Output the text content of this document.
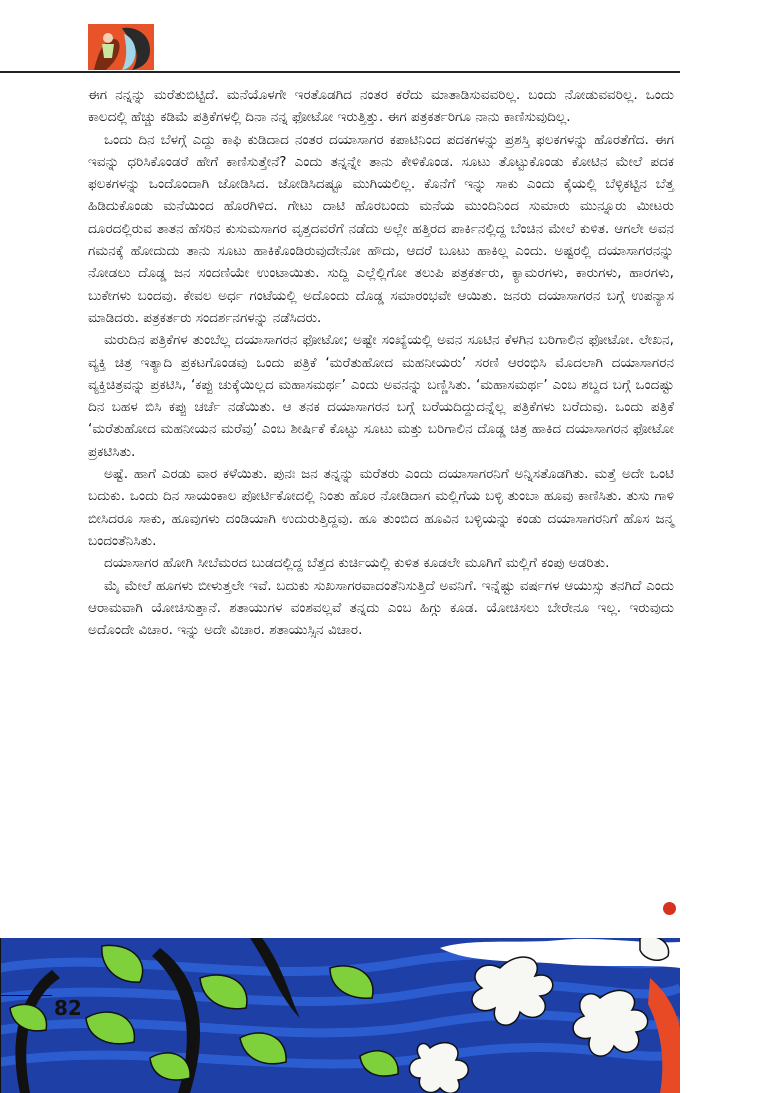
ಈಗ ನನ್ನನ್ನು ಮರೆತುಬಿಟ್ಟಿದೆ. ಮನೆಯೊಳಗೇ ಇರತೊಡಗಿದ ನಂತರ ಕರೆದು ಮಾತಾಡಿಸುವವರಿಲ್ಲ. ಬಂದು ನೋಡುವವರಿಲ್ಲ. ಒಂದು ಕಾಲದಲ್ಲಿ ಹೆಚ್ಚು ಕಡಿಮೆ ಪತ್ರಿಕೆಗಳಲ್ಲಿ ದಿನಾ ನನ್ನ ಫೋಟೋ ಇರುತ್ತಿತ್ತು. ಈಗ ಪತ್ರಕರ್ತರಿಗೂ ನಾನು ಕಾಣಿಸುವುದಿಲ್ಲ.

ಒಂದು ದಿನ ಬೆಳಗ್ಗೆ ಎದ್ದು ಕಾಫಿ ಕುಡಿದಾದ ನಂತರ ದಯಾಸಾಗರ ಕಪಾಟಿನಿಂದ ಪದಕಗಳನ್ನು ಪ್ರಶಸ್ತಿ ಫಲಕಗಳನ್ನು ಹೊರತೆಗೆದ. ಈಗ ಇವನ್ನು ಧರಿಸಿಕೊಂಡರೆ ಹೇಗೆ ಕಾಣಿಸುತ್ತೇನೆ? ಎಂದು ತನ್ನನ್ನೇ ತಾನು ಕೇಳಿಕೊಂಡ. ಸೂಟು ತೊಟ್ಟುಕೊಂಡು ಕೋಟಿನ ಮೇಲೆ ಪದಕ ಫಲಕಗಳನ್ನು ಒಂದೊಂದಾಗಿ ಜೋಡಿಸಿದ. ಜೋಡಿಸಿದಷ್ಟೂ ಮುಗಿಯಲಿಲ್ಲ. ಕೊನೆಗೆ ಇನ್ನು ಸಾಕು ಎಂದು ಕೈಯಲ್ಲಿ ಬೆಳ್ಳಿಕಟ್ಟಿನ ಬೆತ್ತ ಹಿಡಿದುಕೊಂಡು ಮನೆಯಿಂದ ಹೊರಗಿಳಿದ. ಗೇಟು ದಾಟಿ ಹೊರಬಂದು ಮನೆಯ ಮುಂದಿನಿಂದ ಸುಮಾರು ಮುನ್ನೂರು ಮೀಟರು ದೂರದಲ್ಲಿರುವ ತಾತನ ಹೆಸರಿನ ಕುಸುಮಸಾಗರ ವೃತ್ತದವರೆಗೆ ನಡೆದು ಅಲ್ಲೇ ಹತ್ತಿರದ ಪಾರ್ಕಿನಲ್ಲಿದ್ದ ಬೆಂಚಿನ ಮೇಲೆ ಕುಳಿತ. ಆಗಲೇ ಅವನ ಗಮನಕ್ಕೆ ಹೋದುದು ತಾನು ಸೂಟು ಹಾಕಿಕೊಂಡಿರುವುದೇನೋ ಹೌದು, ಆದರೆ ಬೂಟು ಹಾಕಿಲ್ಲ ಎಂದು. ಅಷ್ಟರಲ್ಲಿ ದಯಾಸಾಗರನನ್ನು ನೋಡಲು ದೊಡ್ಡ ಜನ ಸಂದಣಿಯೇ ಉಂಟಾಯಿತು. ಸುದ್ದಿ ಎಲ್ಲೆಲ್ಲಿಗೋ ತಲುಪಿ ಪತ್ರಕರ್ತರು, ಕ್ಯಾಮರಗಳು, ಕಾರುಗಳು, ಹಾರಗಳು, ಬುಕೇಗಳು ಬಂದವು. ಕೇವಲ ಅರ್ಧ ಗಂಟೆಯಲ್ಲಿ ಅದೊಂದು ದೊಡ್ಡ ಸಮಾರಂಭವೇ ಆಯಿತು. ಜನರು ದಯಾಸಾಗರನ ಬಗ್ಗೆ ಉಪನ್ಯಾಸ ಮಾಡಿದರು. ಪತ್ರಕರ್ತರು ಸಂದರ್ಶನಗಳನ್ನು ನಡೆಸಿದರು.

ಮರುದಿನ ಪತ್ರಿಕೆಗಳ ತುಂಬೆಲ್ಲ ದಯಾಸಾಗರನ ಫೋಟೋ; ಅಷ್ಟೇ ಸಂಖ್ಯೆಯಲ್ಲಿ ಅವನ ಸೂಟಿನ ಕೆಳಗಿನ ಬರಿಗಾಲಿನ ಫೋಟೋ. ಲೇಖನ, ವ್ಯಕ್ತಿ ಚಿತ್ರ ಇತ್ಯಾದಿ ಪ್ರಕಟಗೊಂಡವು ಒಂದು ಪತ್ರಿಕೆ ‘ಮರೆತುಹೋದ ಮಹನೀಯರು’ ಸರಣಿ ಆರಂಭಿಸಿ ಮೊದಲಾಗಿ ದಯಾಸಾಗರನ ವ್ಯಕ್ತಿಚಿತ್ರವನ್ನು ಪ್ರಕಟಿಸಿ, ‘ಕಪ್ಪು ಚುಕ್ಕೆಯಿಲ್ಲದ ಮಹಾಸಮರ್ಥ’ ಎಂದು ಅವನನ್ನು ಬಣ್ಣಿಸಿತು. ‘ಮಹಾಸಮರ್ಥ’ ಎಂಬ ಶಬ್ದದ ಬಗ್ಗೆ ಒಂದಷ್ಟು ದಿನ ಬಹಳ ಬಿಸಿ ಕಪ್ಪು ಚರ್ಚೆ ನಡೆಯಿತು. ಆ ತನಕ ದಯಾಸಾಗರನ ಬಗ್ಗೆ ಬರೆಯದಿದ್ದುದನ್ನೆಲ್ಲ ಪತ್ರಿಕೆಗಳು ಬರೆದುವು. ಒಂದು ಪತ್ರಿಕೆ ‘ಮರೆತುಹೋದ ಮಹನೀಯನ ಮರೆವು’ ಎಂಬ ಶೀರ್ಷಿಕೆ ಕೊಟ್ಟು ಸೂಟು ಮತ್ತು ಬರಿಗಾಲಿನ ದೊಡ್ಡ ಚಿತ್ರ ಹಾಕಿದ ದಯಾಸಾಗರನ ಫೋಟೋ ಪ್ರಕಟಿಸಿತು.

ಅಷ್ಟೆ. ಹಾಗೆ ಎರಡು ವಾರ ಕಳೆಯಿತು. ಪುನಃ ಜನ ತನ್ನನ್ನು ಮರೆತರು ಎಂದು ದಯಾಸಾಗರನಿಗೆ ಅನ್ನಿಸತೊಡಗಿತು. ಮತ್ತೆ ಅದೇ ಒಂಟಿ ಬದುಕು. ಒಂದು ದಿನ ಸಾಯಂಕಾಲ ಪೋರ್ಟಿಕೋದಲ್ಲಿ ನಿಂತು ಹೊರ ನೋಡಿದಾಗ ಮಲ್ಲಿಗೆಯ ಬಳ್ಳಿ ತುಂಬಾ ಹೂವು ಕಾಣಿಸಿತು. ತುಸು ಗಾಳಿ ಬೀಸಿದರೂ ಸಾಕು, ಹೂವುಗಳು ದಂಡಿಯಾಗಿ ಉದುರುತ್ತಿದ್ದವು. ಹೂ ತುಂಬಿದ ಹೂವಿನ ಬಳ್ಳಿಯನ್ನು ಕಂಡು ದಯಾಸಾಗರನಿಗೆ ಹೊಸ ಜನ್ಮ ಬಂದಂತೆನಿಸಿತು.

ದಯಾಸಾಗರ ಹೋಗಿ ಸೀಬೆಮರದ ಬುಡದಲ್ಲಿದ್ದ ಬೆತ್ತದ ಕುರ್ಚಿಯಲ್ಲಿ ಕುಳಿತ ಕೂಡಲೇ ಮೂಗಿಗೆ ಮಲ್ಲಿಗೆ ಕಂಪು ಅಡರಿತು.

ಮೈ ಮೇಲೆ ಹೂಗಳು ಬೀಳುತ್ತಲೇ ಇವೆ. ಬದುಕು ಸುಖಸಾಗರವಾದಂತೆನಿಸುತ್ತಿದೆ ಅವನಿಗೆ. ಇನ್ನೆಷ್ಟು ವರ್ಷಗಳ ಆಯುಸ್ಸು ತನಗಿದೆ ಎಂದು ಆರಾಮವಾಗಿ ಯೋಚಿಸುತ್ತಾನೆ. ಶತಾಯುಗಳ ವಂಶವಲ್ಲವೆ ತನ್ನದು ಎಂಬ ಹಿಗ್ಗು ಕೂಡ. ಯೋಚಿಸಲು ಬೇರೇನೂ ಇಲ್ಲ. ಇರುವುದು ಅದೊಂದೇ ವಿಚಾರ. ಇನ್ನು ಅದೇ ವಿಚಾರ. ಶತಾಯುಸ್ಸಿನ ವಿಚಾರ.

82
